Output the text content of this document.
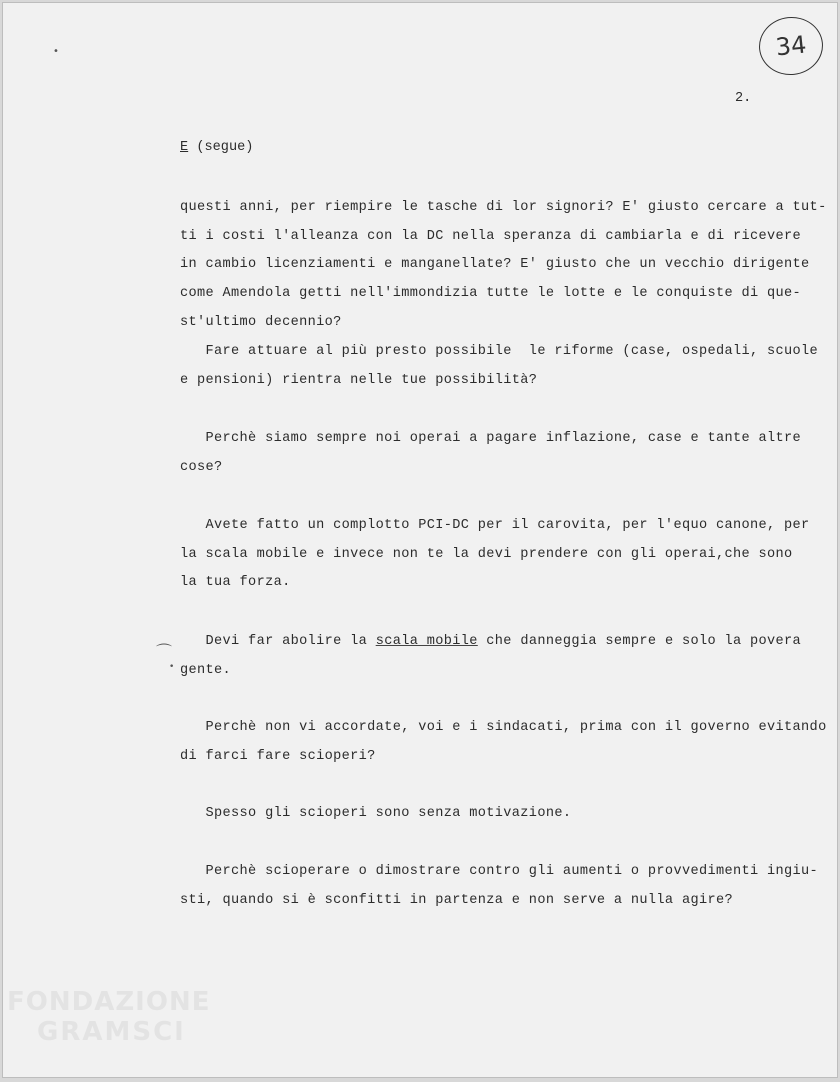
34
•
2.
E (segue)
questi anni, per riempire le tasche di lor signori? E' giusto cercare a tut-
ti i costi l'alleanza con la DC nella speranza di cambiarla e di ricevere
in cambio licenziamenti e manganellate? E' giusto che un vecchio dirigente
come Amendola getti nell'immondizia tutte le lotte e le conquiste di que-
st'ultimo decennio?
Fare attuare al più presto possibile  le riforme (case, ospedali, scuole
e pensioni) rientra nelle tue possibilità?
Perchè siamo sempre noi operai a pagare inflazione, case e tante altre
cose?
Avete fatto un complotto PCI-DC per il carovita, per l'equo canone, per
la scala mobile e invece non te la devi prendere con gli operai,che sono
la tua forza.
⌒
•
Devi far abolire la scala mobile che danneggia sempre e solo la povera
gente.
Perchè non vi accordate, voi e i sindacati, prima con il governo evitando
di farci fare scioperi?
Spesso gli scioperi sono senza motivazione.
Perchè scioperare o dimostrare contro gli aumenti o provvedimenti ingiu-
sti, quando si è sconfitti in partenza e non serve a nulla agire?
FONDAZIONE
GRAMSCI
